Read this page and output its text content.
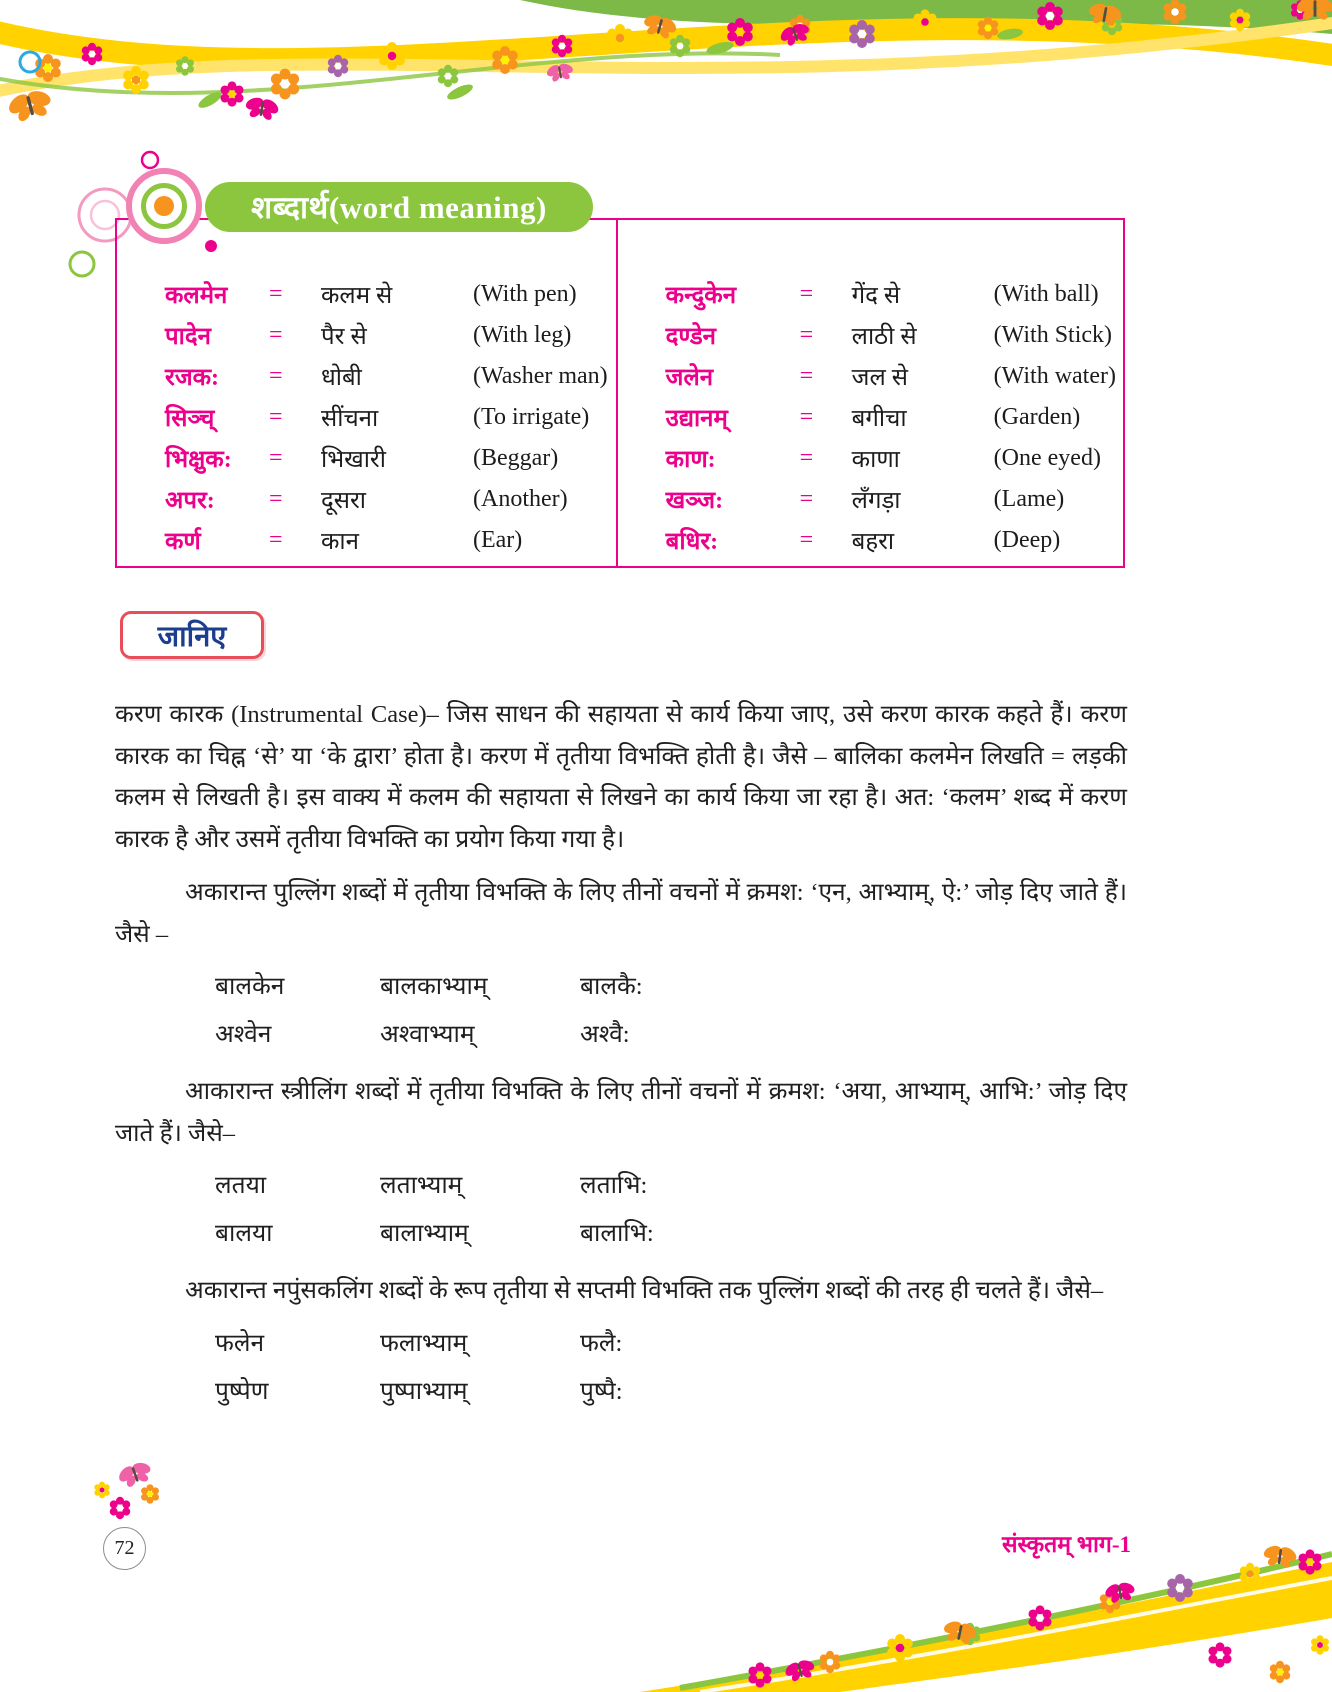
शब्दार्थ(word meaning)
कलमेन	=	कलम से	(With pen)
पादेन	=	पैर से	(With leg)
रजक:	=	धोबी	(Washer man)
सिञ्च्	=	सींचना	(To irrigate)
भिक्षुक:	=	भिखारी	(Beggar)
अपर:	=	दूसरा	(Another)
कर्ण	=	कान	(Ear)
कन्दुकेन	=	गेंद से	(With ball)
दण्डेन	=	लाठी से	(With Stick)
जलेन	=	जल से	(With water)
उद्यानम्	=	बगीचा	(Garden)
काण:	=	काणा	(One eyed)
खञ्ज:	=	लँगड़ा	(Lame)
बधिर:	=	बहरा	(Deep)
जानिए

करण कारक (Instrumental Case)– जिस साधन की सहायता से कार्य किया जाए, उसे करण कारक कहते हैं। करण कारक का चिह्न ‘से’ या ‘के द्वारा’ होता है। करण में तृतीया विभक्ति होती है। जैसे – बालिका कलमेन लिखति = लड़की कलम से लिखती है। इस वाक्य में कलम की सहायता से लिखने का कार्य किया जा रहा है। अत: ‘कलम’ शब्द में करण कारक है और उसमें तृतीया विभक्ति का प्रयोग किया गया है।

अकारान्त पुल्लिंग शब्दों में तृतीया विभक्ति के लिए तीनों वचनों में क्रमश: ‘एन, आभ्याम्, ऐ:’ जोड़ दिए जाते हैं। जैसे –

बालकेन	बालकाभ्याम्	बालकै:
अश्वेन	अश्वाभ्याम्	अश्वै:

आकारान्त स्त्रीलिंग शब्दों में तृतीया विभक्ति के लिए तीनों वचनों में क्रमश: ‘अया, आभ्याम्, आभि:’ जोड़ दिए जाते हैं। जैसे–

लतया	लताभ्याम्	लताभि:
बालया	बालाभ्याम्	बालाभि:

अकारान्त नपुंसकलिंग शब्दों के रूप तृतीया से सप्तमी विभक्ति तक पुल्लिंग शब्दों की तरह ही चलते हैं। जैसे–

फलेन	फलाभ्याम्	फलै:
पुष्पेण	पुष्पाभ्याम्	पुष्पै:
72	संस्कृतम् भाग-1
